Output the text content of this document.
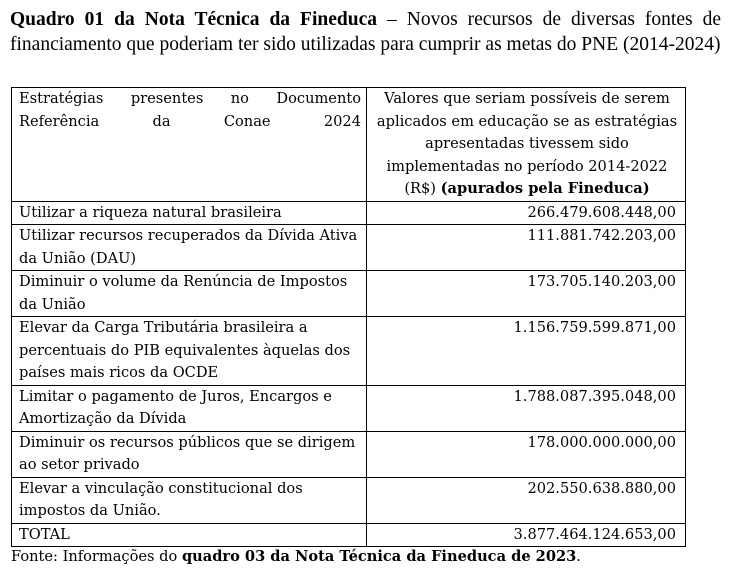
Quadro 01 da Nota Técnica da Fineduca – Novos recursos de diversas fontes de financiamento que poderiam ter sido utilizadas para cumprir as metas do PNE (2014-2024)
Estratégias presentes no Documento Referência da Conae 2024	Valores que seriam possíveis de serem aplicados em educação se as estratégias apresentadas tivessem sido implementadas no período 2014-2022 (R$) (apurados pela Fineduca)
Utilizar a riqueza natural brasileira	266.479.608.448,00
Utilizar recursos recuperados da Dívida Ativa da União (DAU)	111.881.742.203,00
Diminuir o volume da Renúncia de Impostos da União	173.705.140.203,00
Elevar da Carga Tributária brasileira a percentuais do PIB equivalentes àquelas dos países mais ricos da OCDE	1.156.759.599.871,00
Limitar o pagamento de Juros, Encargos e Amortização da Dívida	1.788.087.395.048,00
Diminuir os recursos públicos que se dirigem ao setor privado	178.000.000.000,00
Elevar a vinculação constitucional dos impostos da União.	202.550.638.880,00
TOTAL	3.877.464.124.653,00
Fonte: Informações do quadro 03 da Nota Técnica da Fineduca de 2023.
